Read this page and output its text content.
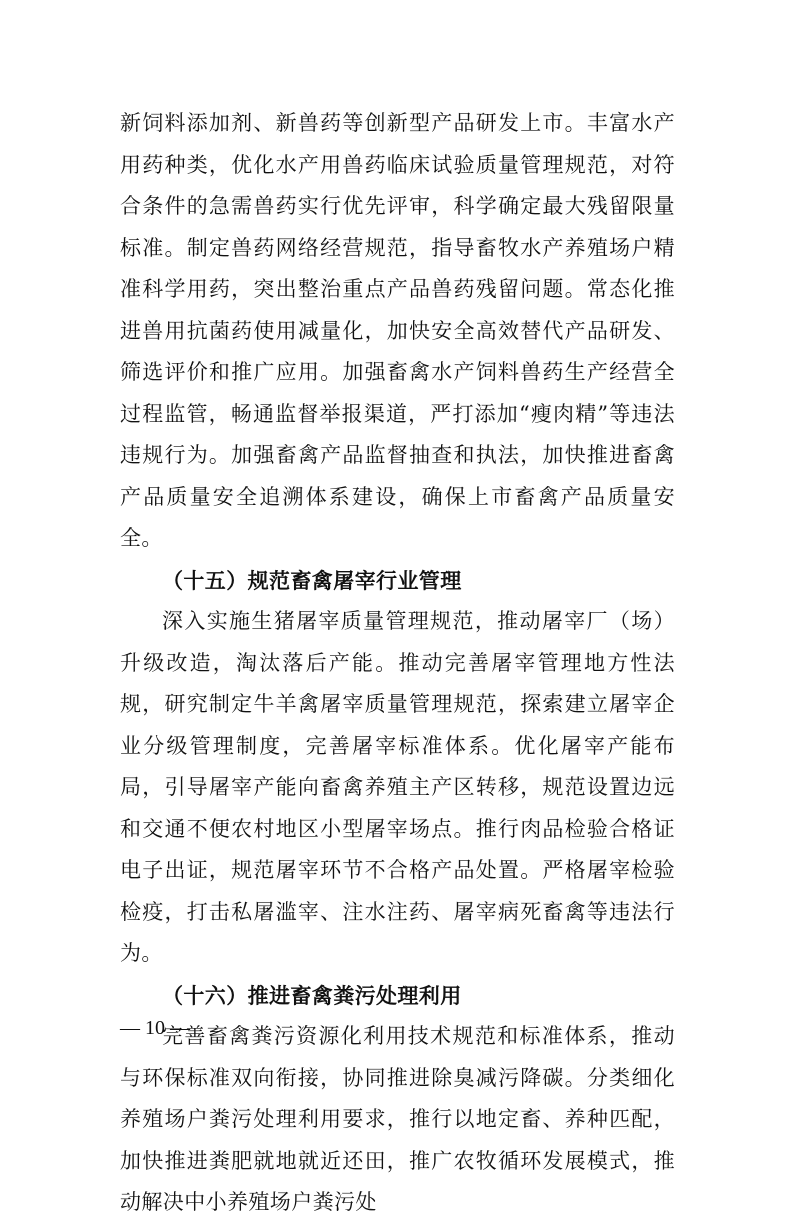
新饲料添加剂、新兽药等创新型产品研发上市。丰富水产用药种类，优化水产用兽药临床试验质量管理规范，对符合条件的急需兽药实行优先评审，科学确定最大残留限量标准。制定兽药网络经营规范，指导畜牧水产养殖场户精准科学用药，突出整治重点产品兽药残留问题。常态化推进兽用抗菌药使用减量化，加快安全高效替代产品研发、筛选评价和推广应用。加强畜禽水产饲料兽药生产经营全过程监管，畅通监督举报渠道，严打添加“瘦肉精”等违法违规行为。加强畜禽产品监督抽查和执法，加快推进畜禽产品质量安全追溯体系建设，确保上市畜禽产品质量安全。

（十五）规范畜禽屠宰行业管理

深入实施生猪屠宰质量管理规范，推动屠宰厂（场）升级改造，淘汰落后产能。推动完善屠宰管理地方性法规，研究制定牛羊禽屠宰质量管理规范，探索建立屠宰企业分级管理制度，完善屠宰标准体系。优化屠宰产能布局，引导屠宰产能向畜禽养殖主产区转移，规范设置边远和交通不便农村地区小型屠宰场点。推行肉品检验合格证电子出证，规范屠宰环节不合格产品处置。严格屠宰检验检疫，打击私屠滥宰、注水注药、屠宰病死畜禽等违法行为。

（十六）推进畜禽粪污处理利用

完善畜禽粪污资源化利用技术规范和标准体系，推动与环保标准双向衔接，协同推进除臭减污降碳。分类细化养殖场户粪污处理利用要求，推行以地定畜、养种匹配，加快推进粪肥就地就近还田，推广农牧循环发展模式，推动解决中小养殖场户粪污处

— 10 —
